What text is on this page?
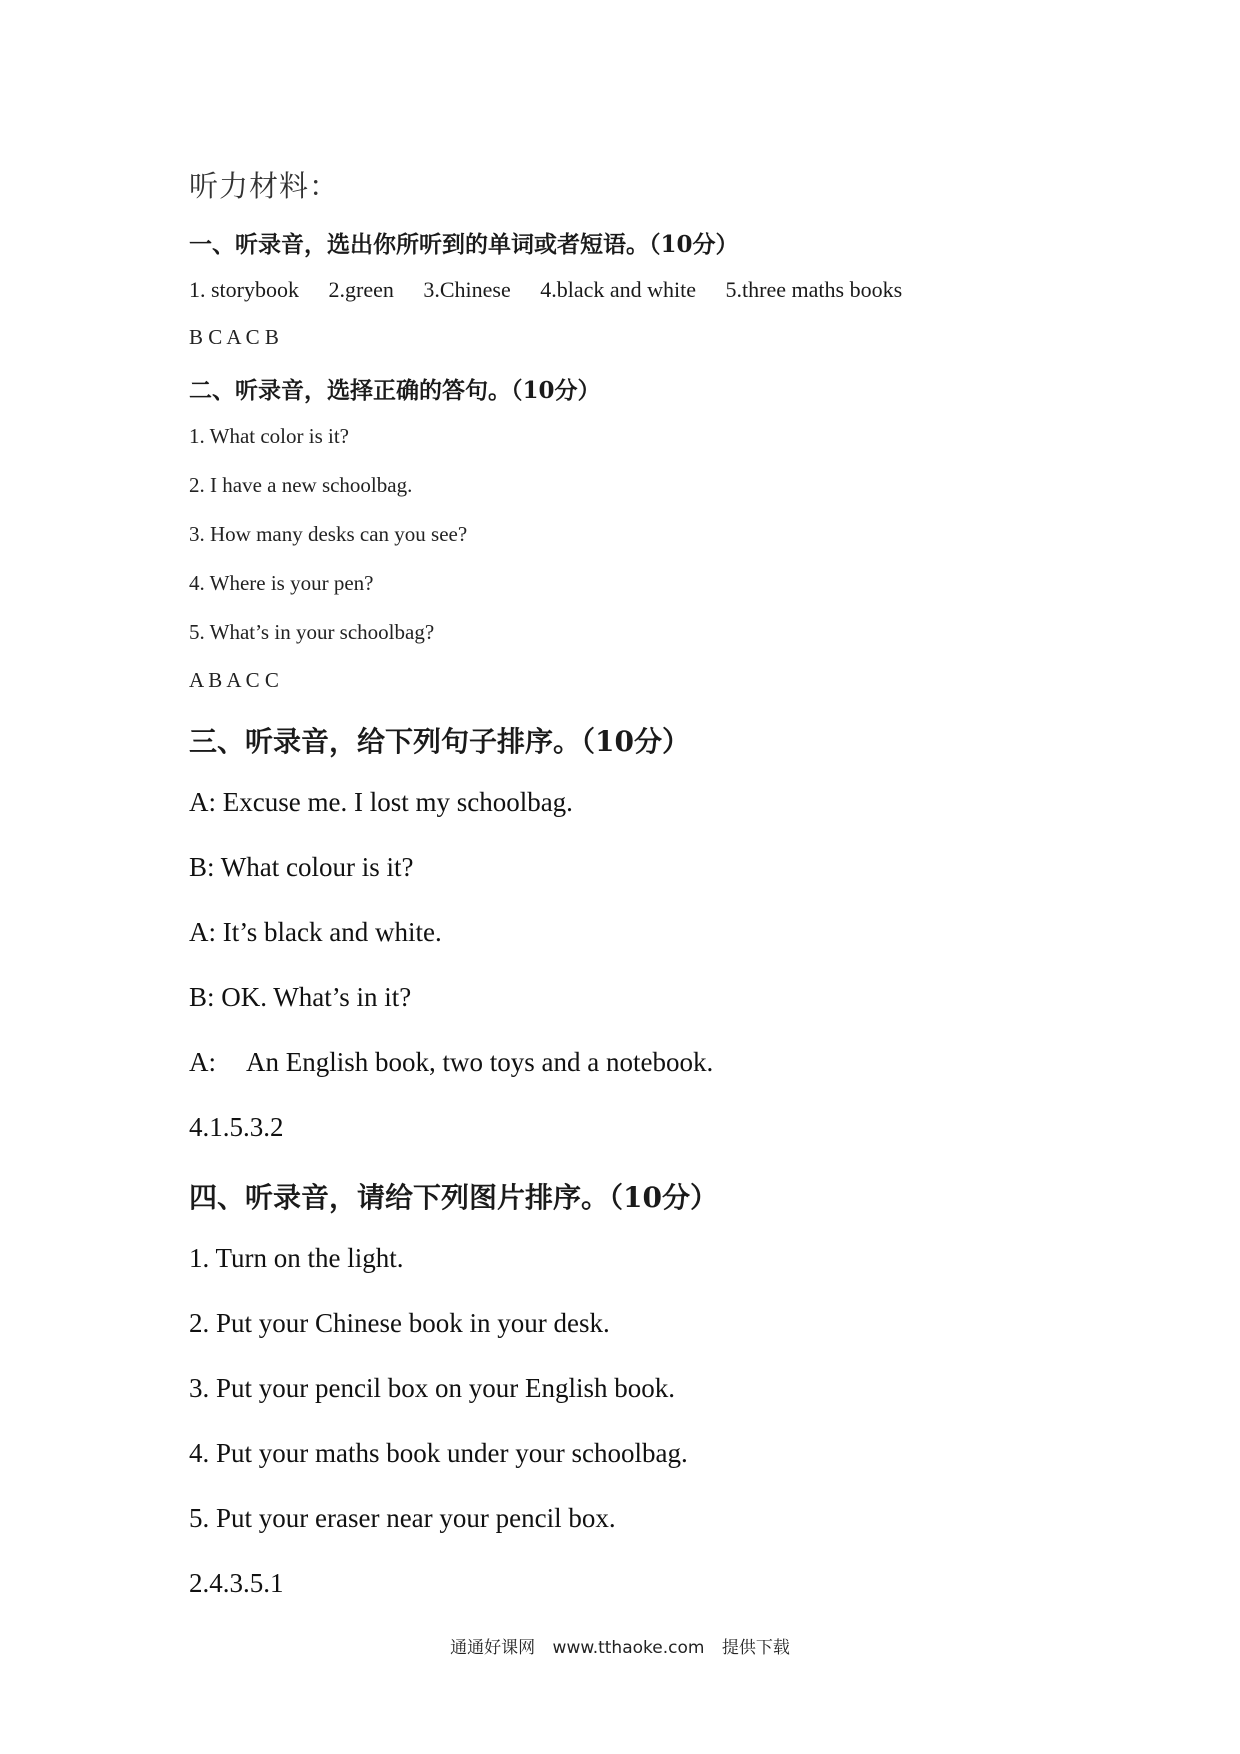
听力材料：
一、听录音，选出你所听到的单词或者短语。（10分）
1. storybook 2.green 3.Chinese 4.black and white 5.three maths books
B C A C B
二、听录音，选择正确的答句。（10分）
1. What color is it?
2. I have a new schoolbag.
3. How many desks can you see?
4. Where is your pen?
5. What’s in your schoolbag?
A B A C C
三、听录音，给下列句子排序。（10分）
A: Excuse me. I lost my schoolbag.
B: What colour is it?
A: It’s black and white.
B: OK. What’s in it?
A: An English book, two toys and a notebook.
4.1.5.3.2
四、听录音，请给下列图片排序。（10分）
1. Turn on the light.
2. Put your Chinese book in your desk.
3. Put your pencil box on your English book.
4. Put your maths book under your schoolbag.
5. Put your eraser near your pencil box.
2.4.3.5.1
通通好课网 www.tthaoke.com 提供下载
